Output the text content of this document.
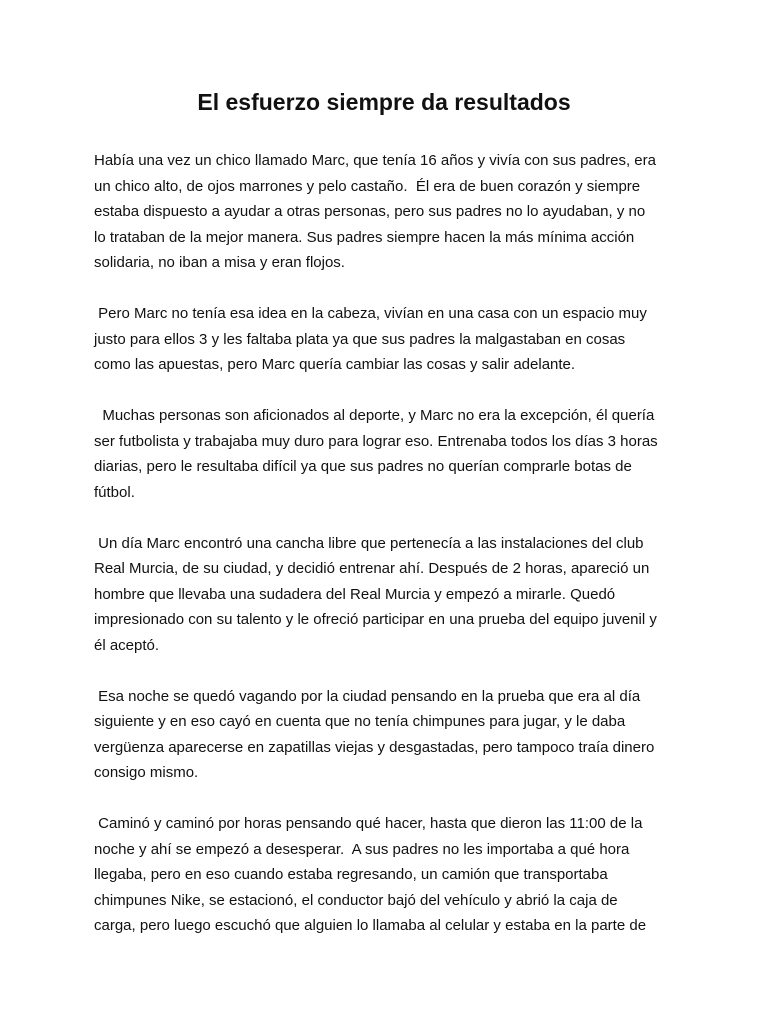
El esfuerzo siempre da resultados
Había una vez un chico llamado Marc, que tenía 16 años y vivía con sus padres, era
un chico alto, de ojos marrones y pelo castaño.  Él era de buen corazón y siempre
estaba dispuesto a ayudar a otras personas, pero sus padres no lo ayudaban, y no
lo trataban de la mejor manera. Sus padres siempre hacen la más mínima acción
solidaria, no iban a misa y eran flojos.
Pero Marc no tenía esa idea en la cabeza, vivían en una casa con un espacio muy
justo para ellos 3 y les faltaba plata ya que sus padres la malgastaban en cosas
como las apuestas, pero Marc quería cambiar las cosas y salir adelante.
Muchas personas son aficionados al deporte, y Marc no era la excepción, él quería
ser futbolista y trabajaba muy duro para lograr eso. Entrenaba todos los días 3 horas
diarias, pero le resultaba difícil ya que sus padres no querían comprarle botas de
fútbol.
Un día Marc encontró una cancha libre que pertenecía a las instalaciones del club
Real Murcia, de su ciudad, y decidió entrenar ahí. Después de 2 horas, apareció un
hombre que llevaba una sudadera del Real Murcia y empezó a mirarle. Quedó
impresionado con su talento y le ofreció participar en una prueba del equipo juvenil y
él aceptó.
Esa noche se quedó vagando por la ciudad pensando en la prueba que era al día
siguiente y en eso cayó en cuenta que no tenía chimpunes para jugar, y le daba
vergüenza aparecerse en zapatillas viejas y desgastadas, pero tampoco traía dinero
consigo mismo.
Caminó y caminó por horas pensando qué hacer, hasta que dieron las 11:00 de la
noche y ahí se empezó a desesperar.  A sus padres no les importaba a qué hora
llegaba, pero en eso cuando estaba regresando, un camión que transportaba
chimpunes Nike, se estacionó, el conductor bajó del vehículo y abrió la caja de
carga, pero luego escuchó que alguien lo llamaba al celular y estaba en la parte de
